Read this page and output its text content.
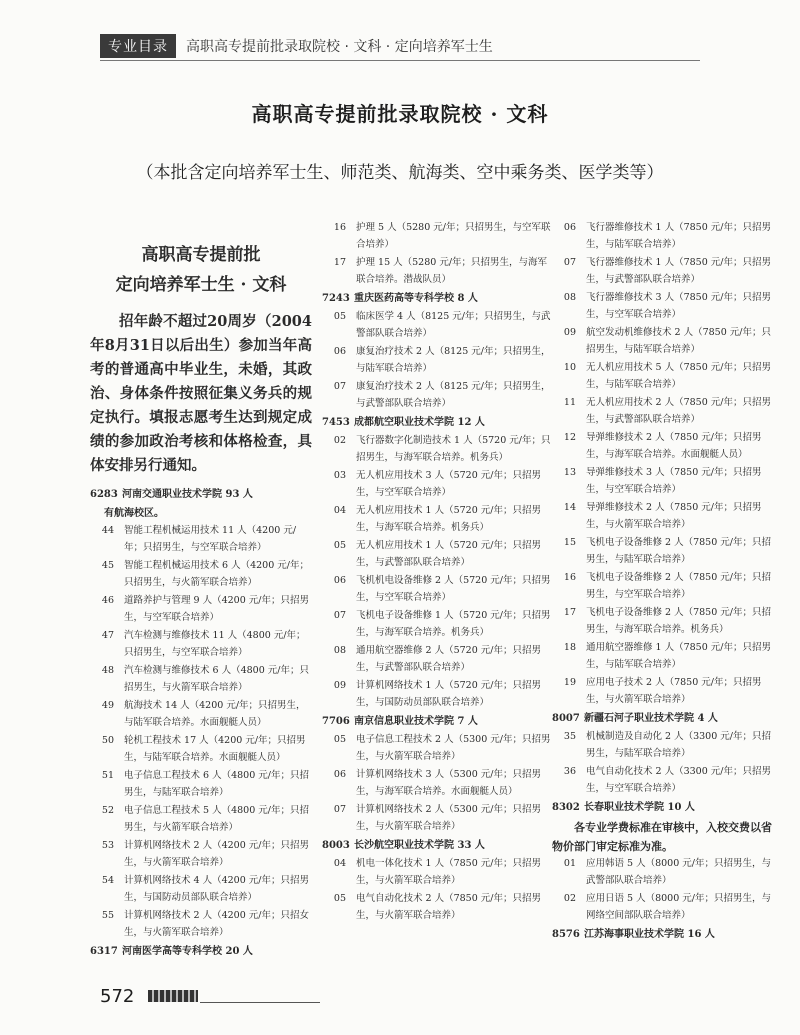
专业目录	高职高专提前批录取院校 · 文科 · 定向培养军士生
高职高专提前批录取院校 · 文科
（本批含定向培养军士生、师范类、航海类、空中乘务类、医学类等）
高职高专提前批
定向培养军士生 · 文科
招年龄不超过20周岁（2004年8月31日以后出生）参加当年高考的普通高中毕业生，未婚，其政治、身体条件按照征集义务兵的规定执行。填报志愿考生达到规定成绩的参加政治考核和体格检查，具体安排另行通知。
6283 河南交通职业技术学院 93 人
有航海校区。
44	智能工程机械运用技术 11 人（4200 元/年；只招男生，与空军联合培养）
45	智能工程机械运用技术 6 人（4200 元/年；只招男生，与火箭军联合培养）
46	道路养护与管理 9 人（4200 元/年；只招男生，与空军联合培养）
47	汽车检测与维修技术 11 人（4800 元/年；只招男生，与空军联合培养）
48	汽车检测与维修技术 6 人（4800 元/年；只招男生，与火箭军联合培养）
49	航海技术 14 人（4200 元/年；只招男生，与陆军联合培养。水面舰艇人员）
50	轮机工程技术 17 人（4200 元/年；只招男生，与陆军联合培养。水面舰艇人员）
51	电子信息工程技术 6 人（4800 元/年；只招男生，与陆军联合培养）
52	电子信息工程技术 5 人（4800 元/年；只招男生，与火箭军联合培养）
53	计算机网络技术 2 人（4200 元/年；只招男生，与火箭军联合培养）
54	计算机网络技术 4 人（4200 元/年；只招男生，与国防动员部队联合培养）
55	计算机网络技术 2 人（4200 元/年；只招女生，与火箭军联合培养）
6317 河南医学高等专科学校 20 人
16	护理 5 人（5280 元/年；只招男生，与空军联合培养）
17	护理 15 人（5280 元/年；只招男生，与海军联合培养。潜战队员）
7243 重庆医药高等专科学校 8 人
05	临床医学 4 人（8125 元/年；只招男生，与武警部队联合培养）
06	康复治疗技术 2 人（8125 元/年；只招男生，与陆军联合培养）
07	康复治疗技术 2 人（8125 元/年；只招男生，与武警部队联合培养）
7453 成都航空职业技术学院 12 人
02	飞行器数字化制造技术 1 人（5720 元/年；只招男生，与海军联合培养。机务兵）
03	无人机应用技术 3 人（5720 元/年；只招男生，与空军联合培养）
04	无人机应用技术 1 人（5720 元/年；只招男生，与海军联合培养。机务兵）
05	无人机应用技术 1 人（5720 元/年；只招男生，与武警部队联合培养）
06	飞机机电设备维修 2 人（5720 元/年；只招男生，与空军联合培养）
07	飞机电子设备维修 1 人（5720 元/年；只招男生，与海军联合培养。机务兵）
08	通用航空器维修 2 人（5720 元/年；只招男生，与武警部队联合培养）
09	计算机网络技术 1 人（5720 元/年；只招男生，与国防动员部队联合培养）
7706 南京信息职业技术学院 7 人
05	电子信息工程技术 2 人（5300 元/年；只招男生，与火箭军联合培养）
06	计算机网络技术 3 人（5300 元/年；只招男生，与海军联合培养。水面舰艇人员）
07	计算机网络技术 2 人（5300 元/年；只招男生，与火箭军联合培养）
8003 长沙航空职业技术学院 33 人
04	机电一体化技术 1 人（7850 元/年；只招男生，与火箭军联合培养）
05	电气自动化技术 2 人（7850 元/年；只招男生，与火箭军联合培养）
06	飞行器维修技术 1 人（7850 元/年；只招男生，与陆军联合培养）
07	飞行器维修技术 1 人（7850 元/年；只招男生，与武警部队联合培养）
08	飞行器维修技术 3 人（7850 元/年；只招男生，与空军联合培养）
09	航空发动机维修技术 2 人（7850 元/年；只招男生，与陆军联合培养）
10	无人机应用技术 5 人（7850 元/年；只招男生，与陆军联合培养）
11	无人机应用技术 2 人（7850 元/年；只招男生，与武警部队联合培养）
12	导弹维修技术 2 人（7850 元/年；只招男生，与海军联合培养。水面舰艇人员）
13	导弹维修技术 3 人（7850 元/年；只招男生，与空军联合培养）
14	导弹维修技术 2 人（7850 元/年；只招男生，与火箭军联合培养）
15	飞机电子设备维修 2 人（7850 元/年；只招男生，与陆军联合培养）
16	飞机电子设备维修 2 人（7850 元/年；只招男生，与空军联合培养）
17	飞机电子设备维修 2 人（7850 元/年；只招男生，与海军联合培养。机务兵）
18	通用航空器维修 1 人（7850 元/年；只招男生，与陆军联合培养）
19	应用电子技术 2 人（7850 元/年；只招男生，与火箭军联合培养）
8007 新疆石河子职业技术学院 4 人
35	机械制造及自动化 2 人（3300 元/年；只招男生，与陆军联合培养）
36	电气自动化技术 2 人（3300 元/年；只招男生，与空军联合培养）
8302 长春职业技术学院 10 人
各专业学费标准在审核中，入校交费以省物价部门审定标准为准。
01	应用韩语 5 人（8000 元/年；只招男生，与武警部队联合培养）
02	应用日语 5 人（8000 元/年；只招男生，与网络空间部队联合培养）
8576 江苏海事职业技术学院 16 人
572
